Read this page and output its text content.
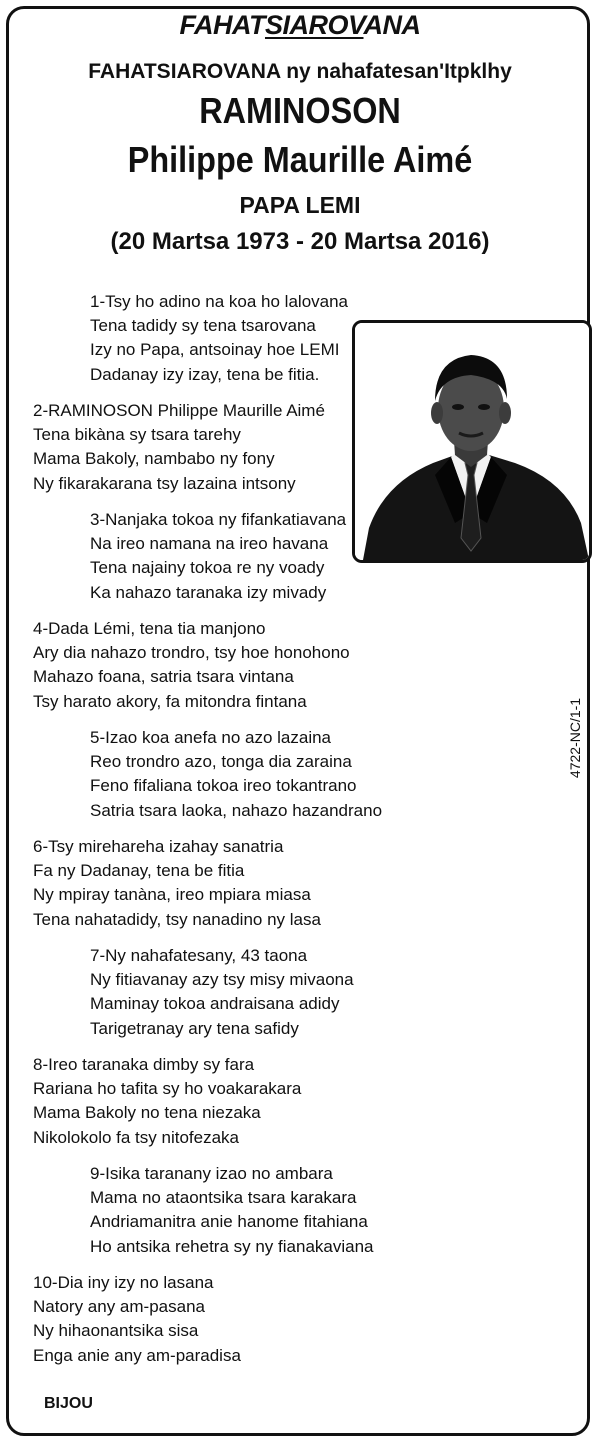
FAHATSIAROVANA
FAHATSIAROVANA ny nahafatesan'Itpklhy
RAMINOSON
Philippe Maurille Aimé
PAPA LEMI
(20 Martsa 1973 - 20 Martsa 2016)
1-Tsy ho adino na koa ho lalovana
Tena tadidy sy tena tsarovana
Izy no Papa, antsoinay hoe LEMI
Dadanay izy izay, tena be fitia.
2-RAMINOSON Philippe Maurille Aimé
Tena bikàna sy tsara tarehy
Mama Bakoly, nambabo ny fony
Ny fikarakarana tsy lazaina intsony
3-Nanjaka tokoa ny fifankatiavana
Na ireo namana na ireo havana
Tena najainy tokoa re ny voady
Ka nahazo taranaka izy mivady
4-Dada Lémi, tena tia manjono
Ary dia nahazo trondro, tsy hoe honohono
Mahazo foana, satria tsara vintana
Tsy harato akory, fa mitondra fintana
5-Izao koa anefa no azo lazaina
Reo trondro azo, tonga dia zaraina
Feno fifaliana tokoa ireo tokantrano
Satria tsara laoka, nahazo hazandrano
6-Tsy mirehareha izahay sanatria
Fa ny Dadanay, tena be fitia
Ny mpiray tanàna, ireo mpiara miasa
Tena nahatadidy, tsy nanadino ny lasa
7-Ny nahafatesany, 43 taona
Ny fitiavanay azy tsy misy mivaona
Maminay tokoa andraisana adidy
Tarigetranay ary tena safidy
8-Ireo taranaka dimby sy fara
Rariana ho tafita sy ho voakarakara
Mama Bakoly no tena niezaka
Nikolokolo fa tsy nitofezaka
9-Isika taranany izao no ambara
Mama no ataontsika tsara karakara
Andriamanitra anie hanome fitahiana
Ho antsika rehetra sy ny fianakaviana
10-Dia iny izy no lasana
Natory any am-pasana
Ny hihaonantsika sisa
Enga anie any am-paradisa
4722-NC/1-1
BIJOU
